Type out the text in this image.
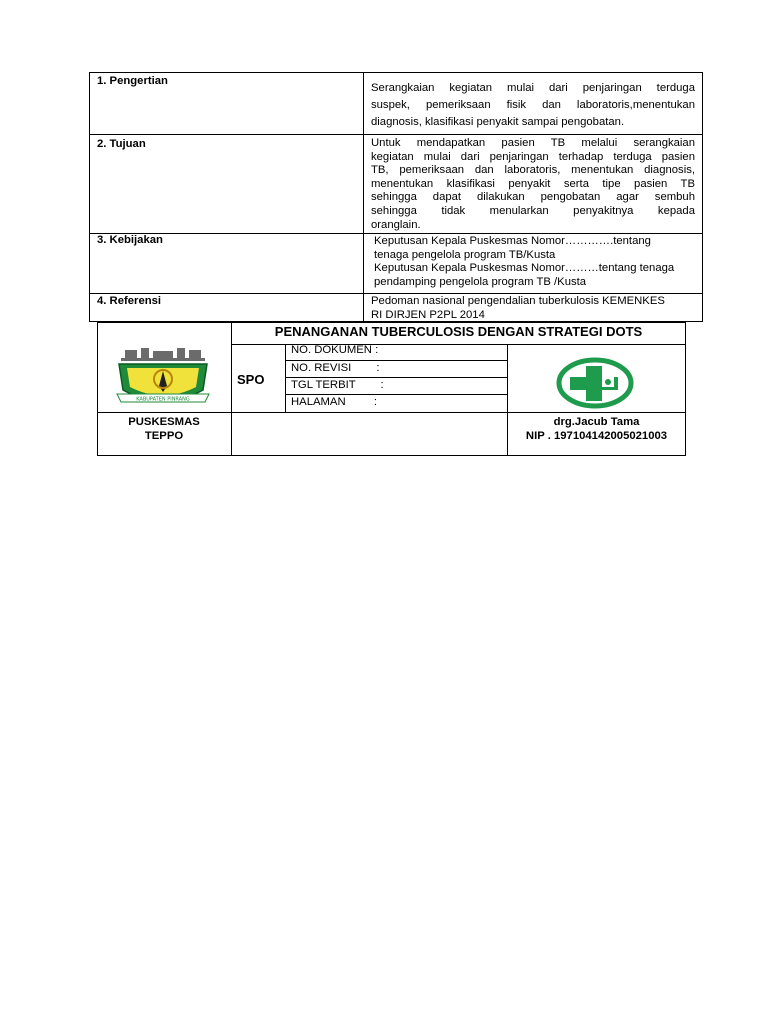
1. Pengertian
Serangkaian kegiatan mulai dari penjaringan terduga
suspek, pemeriksaan fisik dan laboratoris,menentukan
diagnosis, klasifikasi penyakit sampai pengobatan.
2. Tujuan	Untuk mendapatkan pasien TB melalui serangkaian
kegiatan mulai dari penjaringan terhadap terduga pasien
TB, pemeriksaan dan laboratoris, menentukan diagnosis,
menentukan klasifikasi penyakit serta tipe pasien TB
sehingga dapat dilakukan pengobatan agar sembuh
sehingga tidak menularkan penyakitnya kepada
oranglain.
3. Kebijakan	Keputusan Kepala Puskesmas Nomor………….tentang
tenaga pengelola program TB/Kusta
Keputusan Kepala Puskesmas Nomor………tentang tenaga
pendamping pengelola program TB /Kusta
4. Referensi	Pedoman nasional pengendalian tuberkulosis KEMENKES
RI DIRJEN P2PL 2014
PENANGANAN TUBERCULOSIS DENGAN STRATEGI DOTS
SPO
NO. DOKUMEN :
NO. REVISI        :
TGL TERBIT        :
HALAMAN         :
KABUPATEN PINRANG
PUSKESMAS
TEPPO
drg.Jacub Tama
NIP . 197104142005021003
